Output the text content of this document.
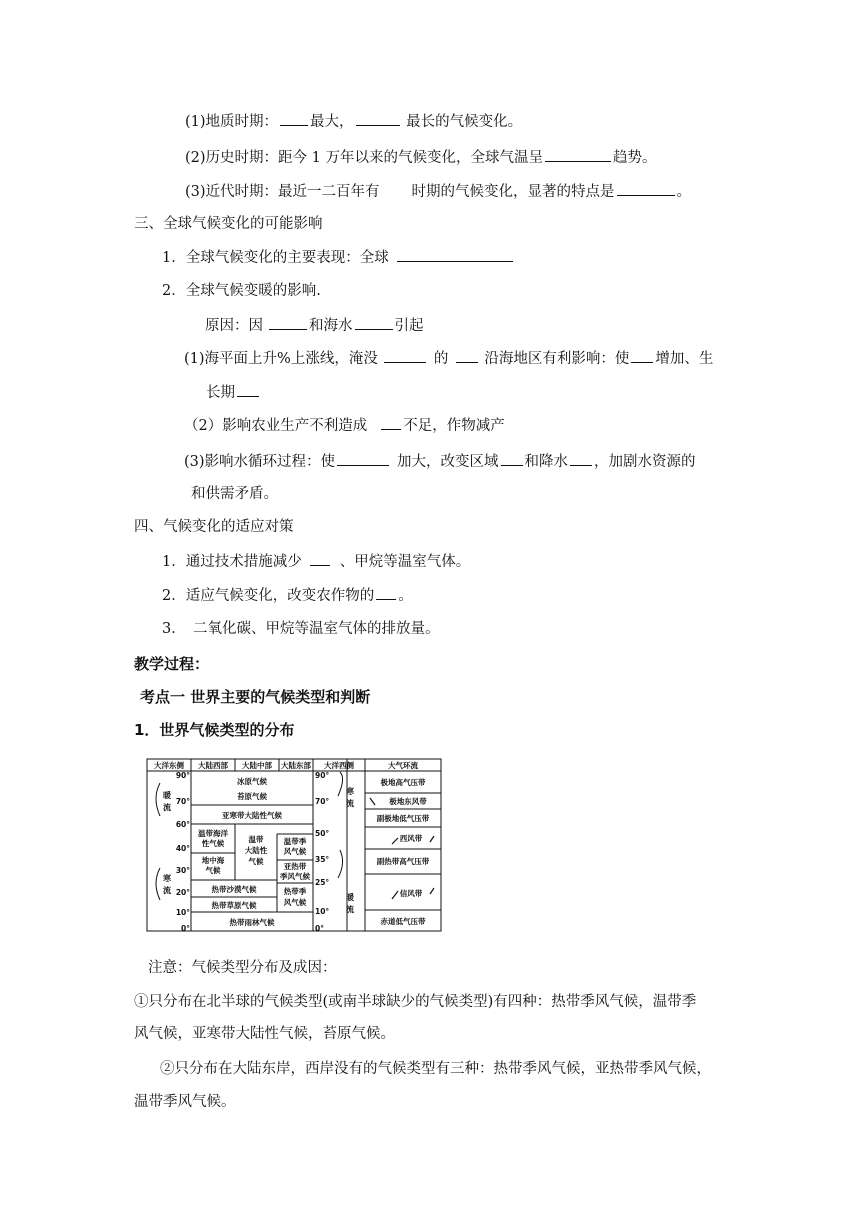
(1)地质时期： 最大，	最长的气候变化。
(2)历史时期：距今 1 万年以来的气候变化，全球气温呈	趋势。
(3)近代时期：最近一二百年有 时期的气候变化，显著的特点是	。
三、全球气候变化的可能影响
1．全球气候变化的主要表现：全球
2．全球气候变暖的影响.
原因：因	和海水	引起
(1)海平面上升%上涨线，淹没	的 沿海地区有利影响：使 增加、生
长期
（2）影响农业生产不利造成 不足，作物减产
(3)影响水循环过程：使	加大，改变区域 和降水 ，加剧水资源的
和供需矛盾。
四、气候变化的适应对策
1．通过技术措施减少	、甲烷等温室气体。
2．适应气候变化，改变农作物的 。
3．　二氧化碳、甲烷等温室气体的排放量。
教学过程：
考点一 世界主要的气候类型和判断
1．世界气候类型的分布
大洋东侧 大陆西部 大陆中部 大陆东部 大洋西侧	大气环流
90°
70°
60°
40°
30°
20°
10°
0°
90°
70°
50°
35°
25°
10°
0°
暖
流
寒
流
寒
流
暖
流
冰原气候
苔原气候
亚寒带大陆性气候
温带海洋
性气候
地中海
气候
温带
大陆性
气候
温带季
风气候
亚热带
季风气候
热带沙漠气候	热带季
风气候
热带草原气候
热带雨林气候
极地高气压带
极地东风带
副极地低气压带
西风带
副热带高气压带
信风带
赤道低气压带
注意：气候类型分布及成因：
①只分布在北半球的气候类型(或南半球缺少的气候类型)有四种：热带季风气候，温带季
风气候，亚寒带大陆性气候，苔原气候。
②只分布在大陆东岸，西岸没有的气候类型有三种：热带季风气候，亚热带季风气候，
温带季风气候。
